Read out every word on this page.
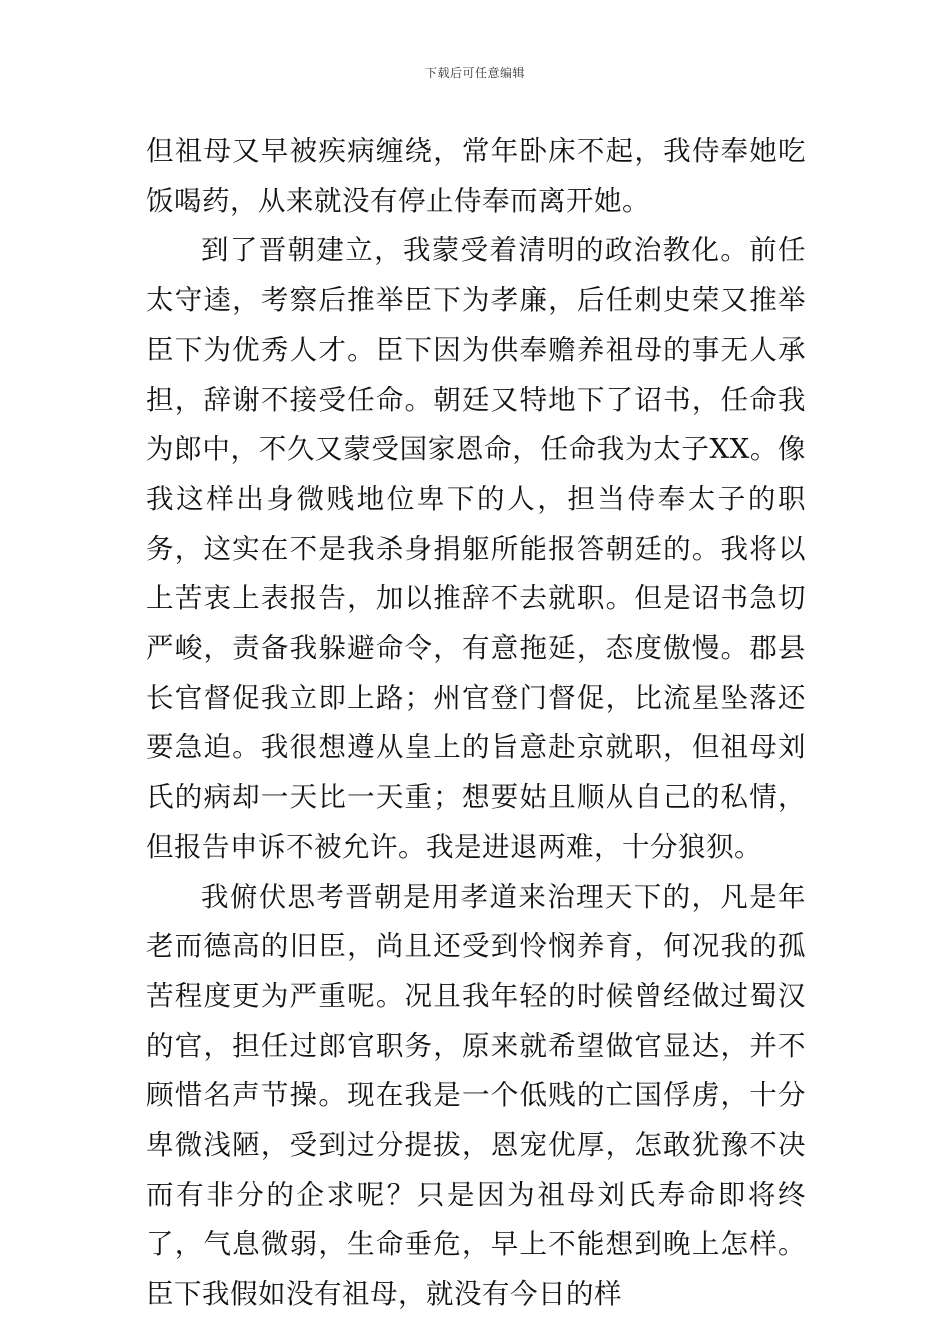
下载后可任意编辑

但祖母又早被疾病缠绕，常年卧床不起，我侍奉她吃饭喝药，从来就没有停止侍奉而离开她。

到了晋朝建立，我蒙受着清明的政治教化。前任太守逵，考察后推举臣下为孝廉，后任刺史荣又推举臣下为优秀人才。臣下因为供奉赡养祖母的事无人承担，辞谢不接受任命。朝廷又特地下了诏书，任命我为郎中，不久又蒙受国家恩命，任命我为太子XX。像我这样出身微贱地位卑下的人，担当侍奉太子的职务，这实在不是我杀身捐躯所能报答朝廷的。我将以上苦衷上表报告，加以推辞不去就职。但是诏书急切严峻，责备我躲避命令，有意拖延，态度傲慢。郡县长官督促我立即上路；州官登门督促，比流星坠落还要急迫。我很想遵从皇上的旨意赴京就职，但祖母刘氏的病却一天比一天重；想要姑且顺从自己的私情，但报告申诉不被允许。我是进退两难，十分狼狈。

我俯伏思考晋朝是用孝道来治理天下的，凡是年老而德高的旧臣，尚且还受到怜悯养育，何况我的孤苦程度更为严重呢。况且我年轻的时候曾经做过蜀汉的官，担任过郎官职务，原来就希望做官显达，并不顾惜名声节操。现在我是一个低贱的亡国俘虏，十分卑微浅陋，受到过分提拔，恩宠优厚，怎敢犹豫不决而有非分的企求呢？只是因为祖母刘氏寿命即将终了，气息微弱，生命垂危，早上不能想到晚上怎样。臣下我假如没有祖母，就没有今日的样
